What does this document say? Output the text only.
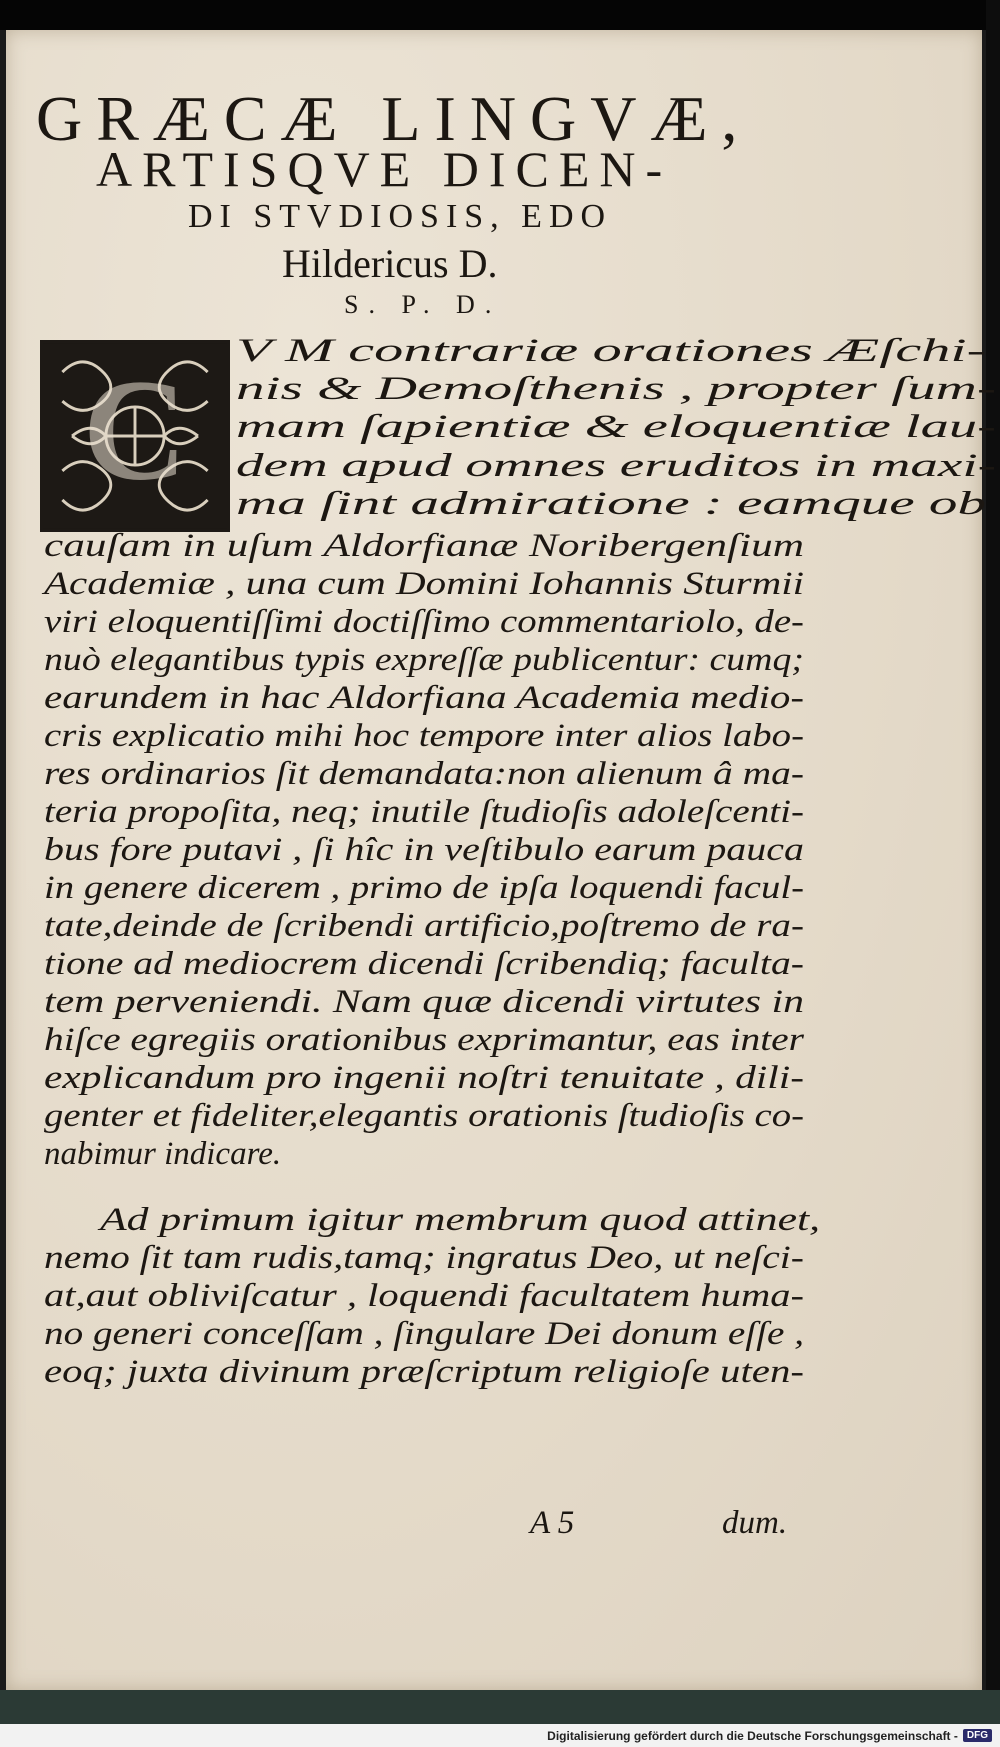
GRÆCÆ LINGVÆ,
ARTISQVE DICEN-
DI STVDIOSIS, EDO
Hildericus D.
S. P. D.
C V M contrariæ orationes Æſchi-
nis & Demoſthenis , propter ſum-
mam ſapientiæ & eloquentiæ lau-
dem apud omnes eruditos in maxi-
ma ſint admiratione : eamque ob
cauſam in uſum Aldorfianæ Noribergenſium
Academiæ , una cum Domini Iohannis Sturmii
viri eloquentiſſimi doctiſſimo commentariolo, de-
nuò elegantibus typis expreſſæ publicentur: cumq;
earundem in hac Aldorfiana Academia medio-
cris explicatio mihi hoc tempore inter alios labo-
res ordinarios ſit demandata:non alienum â ma-
teria propoſita, neq; inutile ſtudioſis adoleſcenti-
bus fore putavi , ſi hîc in veſtibulo earum pauca
in genere dicerem , primo de ipſa loquendi facul-
tate,deinde de ſcribendi artificio,poſtremo de ra-
tione ad mediocrem dicendi ſcribendiq; faculta-
tem perveniendi. Nam quæ dicendi virtutes in
hiſce egregiis orationibus exprimantur, eas inter
explicandum pro ingenii noſtri tenuitate , dili-
genter et fideliter,elegantis orationis ſtudioſis co-
nabimur indicare.
Ad primum igitur membrum quod attinet,
nemo ſit tam rudis,tamq; ingratus Deo, ut neſci-
at,aut obliviſcatur , loquendi facultatem huma-
no generi conceſſam , ſingulare Dei donum eſſe ,
eoq; juxta divinum præſcriptum religioſe uten-
A 5	dum.
Digitalisierung gefördert durch die Deutsche Forschungsgemeinschaft - DFG
